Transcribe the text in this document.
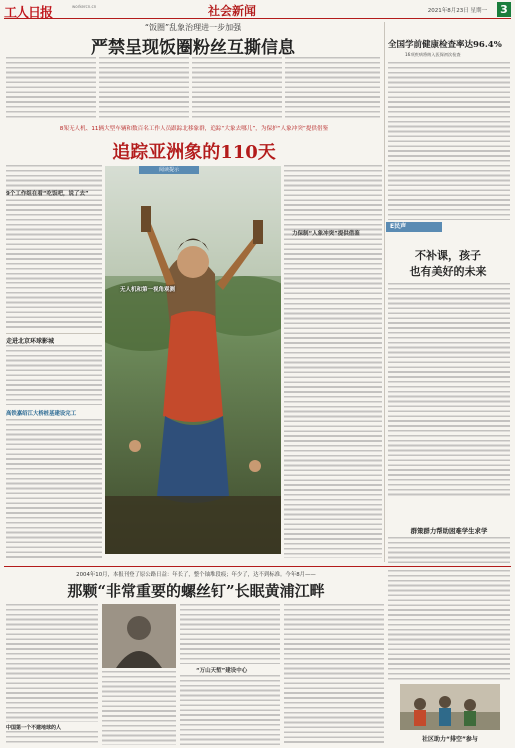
工人日报	workercn.cn	社会新闻	2021年8月23日 星期一 3
“饭圈”乱象治理进一步加强
严禁呈现饭圈粉丝互撕信息	全国学前健康检查率达96.4%
16项疾病将纳入医保初次检查
8架无人机、11辆大型车辆和数百名工作人员跟踪北移象群，追踪“大象去哪儿”，为保护“人象冲突”提供借鉴
追踪亚洲象的110天
9个工作组在看“吃饭吧，说了去”
阅读提示
力保制“人象冲突”提供借鉴
无人机和第一视角观测
走进北京环球影城
高铁嘉绍江大桥桩基建设完工
E民声
不补课，孩子
也有美好的未来
群策群力帮助困难学生求学
2004年10月，本报刊登了原公路日益：年长了，整个铀堆段痕；年少了，达不到标准。今年8月——
那颗“非常重要的螺丝钉”长眠黄浦江畔
中国第一个不建地球的人
“万山天堑”建设中心
社区助力“排空”参与
